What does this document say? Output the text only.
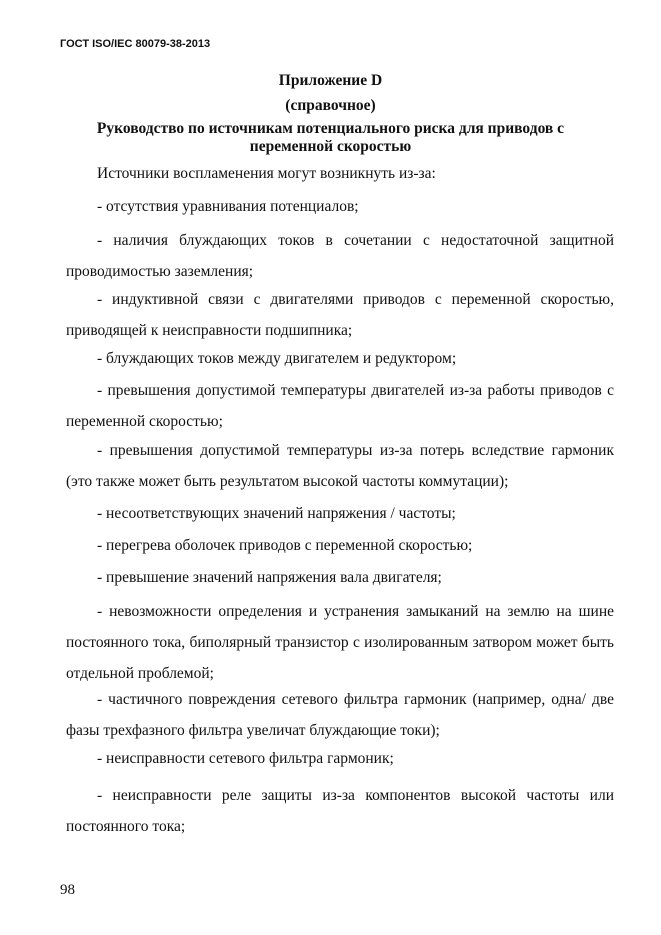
ГОСТ ISO/IEC 80079-38-2013
Приложение D
(справочное)
Руководство по источникам потенциального риска для приводов с переменной скоростью
Источники воспламенения могут возникнуть из-за:
- отсутствия уравнивания потенциалов;
- наличия блуждающих токов в сочетании с недостаточной защитной проводимостью заземления;
- индуктивной связи с двигателями приводов с переменной скоростью, приводящей к неисправности подшипника;
- блуждающих токов между двигателем и редуктором;
- превышения допустимой температуры двигателей из-за работы приводов с переменной скоростью;
- превышения допустимой температуры из-за потерь вследствие гармоник (это также может быть результатом высокой частоты коммутации);
- несоответствующих значений напряжения / частоты;
- перегрева оболочек приводов с переменной скоростью;
- превышение значений напряжения вала двигателя;
- невозможности определения и устранения замыканий на землю на шине постоянного тока, биполярный транзистор с изолированным затвором может быть отдельной проблемой;
- частичного повреждения сетевого фильтра гармоник (например, одна/ две фазы трехфазного фильтра увеличат блуждающие токи);
- неисправности сетевого фильтра гармоник;
- неисправности реле защиты из-за компонентов высокой частоты или постоянного тока;
98
